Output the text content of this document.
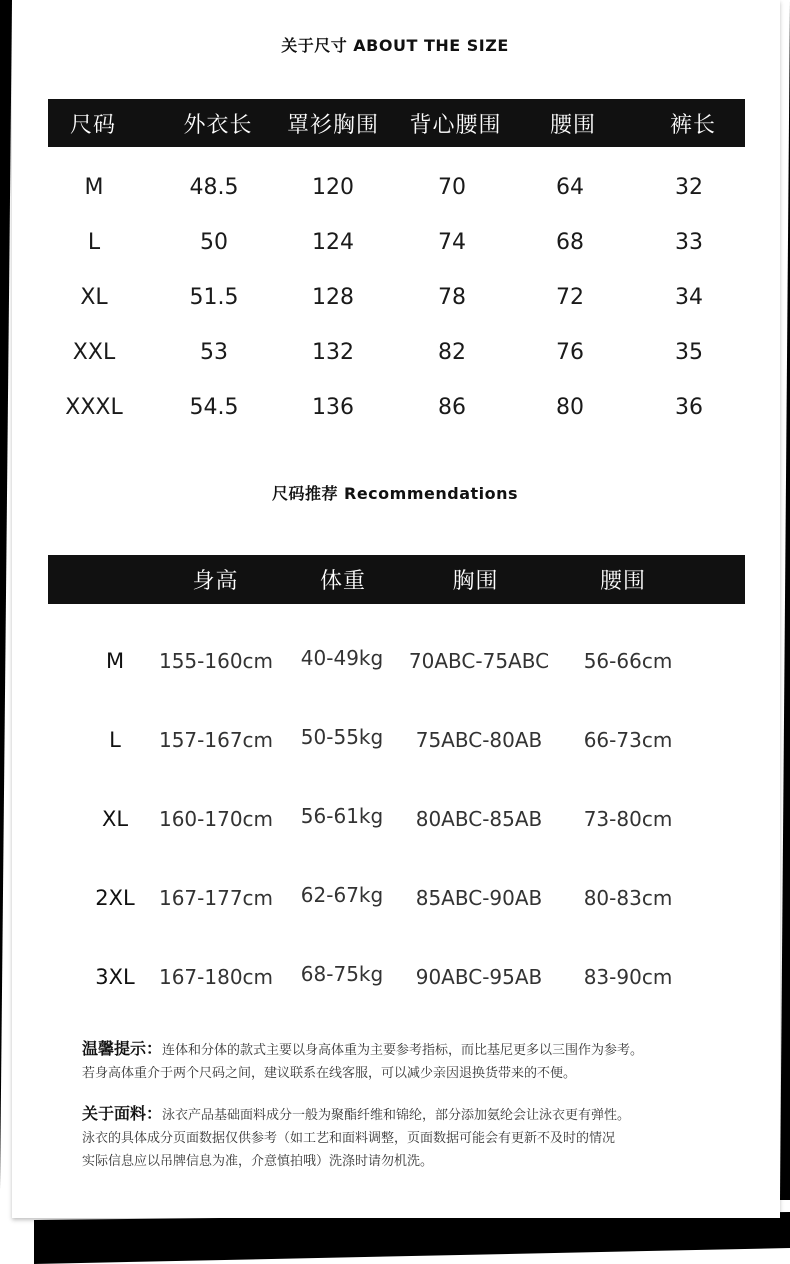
关于尺寸 ABOUT THE SIZE
尺码	外衣长	罩衫胸围	背心腰围	腰围	裤长
M	48.5	120	70	64	32
L	50	124	74	68	33
XL	51.5	128	78	72	34
XXL	53	132	82	76	35
XXXL	54.5	136	86	80	36
尺码推荐 Recommendations
身高	体重	胸围	腰围
M 155-160cm 40-49kg 70ABC-75ABC 56-66cm
L 157-167cm 50-55kg 75ABC-80AB 66-73cm
XL 160-170cm 56-61kg 80ABC-85AB 73-80cm
2XL 167-177cm 62-67kg 85ABC-90AB 80-83cm
3XL 167-180cm 68-75kg 90ABC-95AB 83-90cm
温馨提示：连体和分体的款式主要以身高体重为主要参考指标，而比基尼更多以三围作为参考。
若身高体重介于两个尺码之间，建议联系在线客服，可以减少亲因退换货带来的不便。
关于面料：泳衣产品基础面料成分一般为聚酯纤维和锦纶，部分添加氨纶会让泳衣更有弹性。
泳衣的具体成分页面数据仅供参考（如工艺和面料调整，页面数据可能会有更新不及时的情况
实际信息应以吊牌信息为准，介意慎拍哦）洗涤时请勿机洗。
